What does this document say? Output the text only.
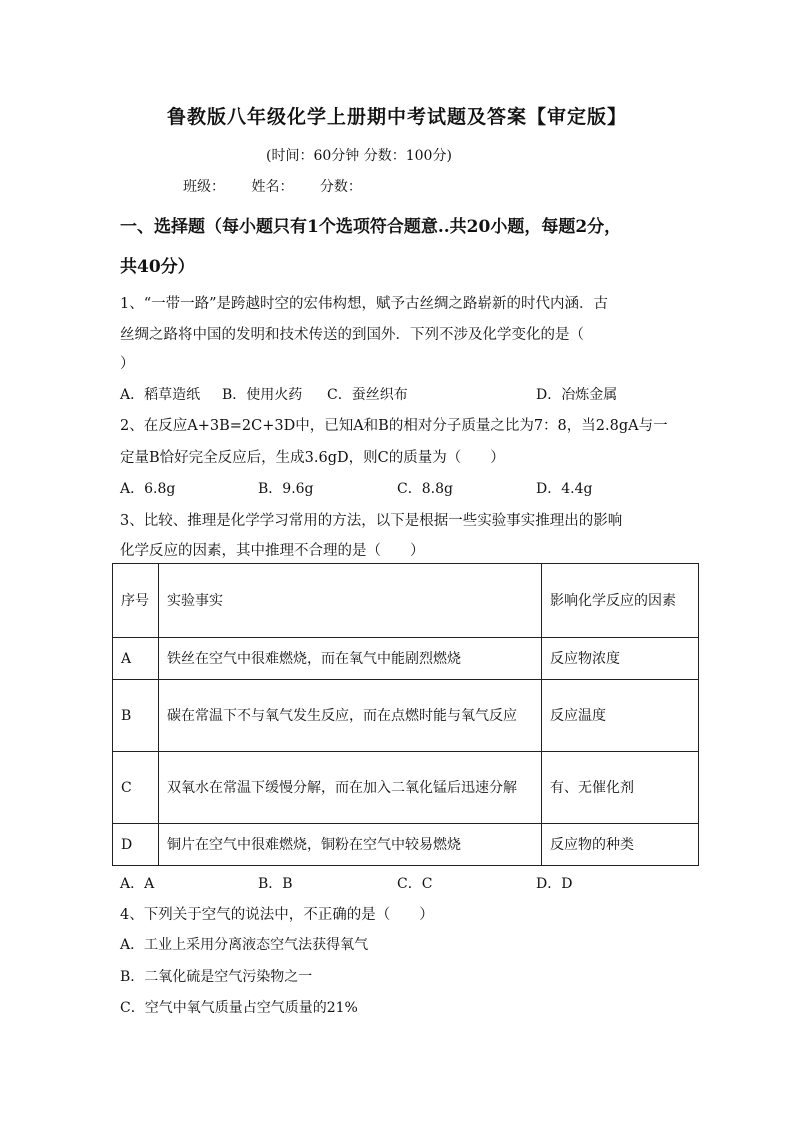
鲁教版八年级化学上册期中考试题及答案【审定版】
(时间：60分钟 分数：100分)
班级： 姓名： 分数：
一、选择题（每小题只有1个选项符合题意..共20小题，每题2分，
共40分）
1、“一带一路”是跨越时空的宏伟构想，赋予古丝绸之路崭新的时代内涵．古
丝绸之路将中国的发明和技术传送的到国外．下列不涉及化学变化的是（
）
A．稻草造纸 B．使用火药 C．蚕丝织布	D．冶炼金属
2、在反应A+3B=2C+3D中，已知A和B的相对分子质量之比为7：8，当2.8gA与一
定量B恰好完全反应后，生成3.6gD，则C的质量为（　　）
A．6.8g	B．9.6g	C．8.8g	D．4.4g
3、比较、推理是化学学习常用的方法，以下是根据一些实验事实推理出的影响
化学反应的因素，其中推理不合理的是（　　）
序号	实验事实	影响化学反应的因素
A	铁丝在空气中很难燃烧，而在氧气中能剧烈燃烧	反应物浓度
B	碳在常温下不与氧气发生反应，而在点燃时能与氧气反应	反应温度
C	双氧水在常温下缓慢分解，而在加入二氧化锰后迅速分解	有、无催化剂
D	铜片在空气中很难燃烧，铜粉在空气中较易燃烧	反应物的种类
A．A	B．B	C．C	D．D
4、下列关于空气的说法中，不正确的是（　　）
A．工业上采用分离液态空气法获得氧气
B．二氧化硫是空气污染物之一
C．空气中氧气质量占空气质量的21%
